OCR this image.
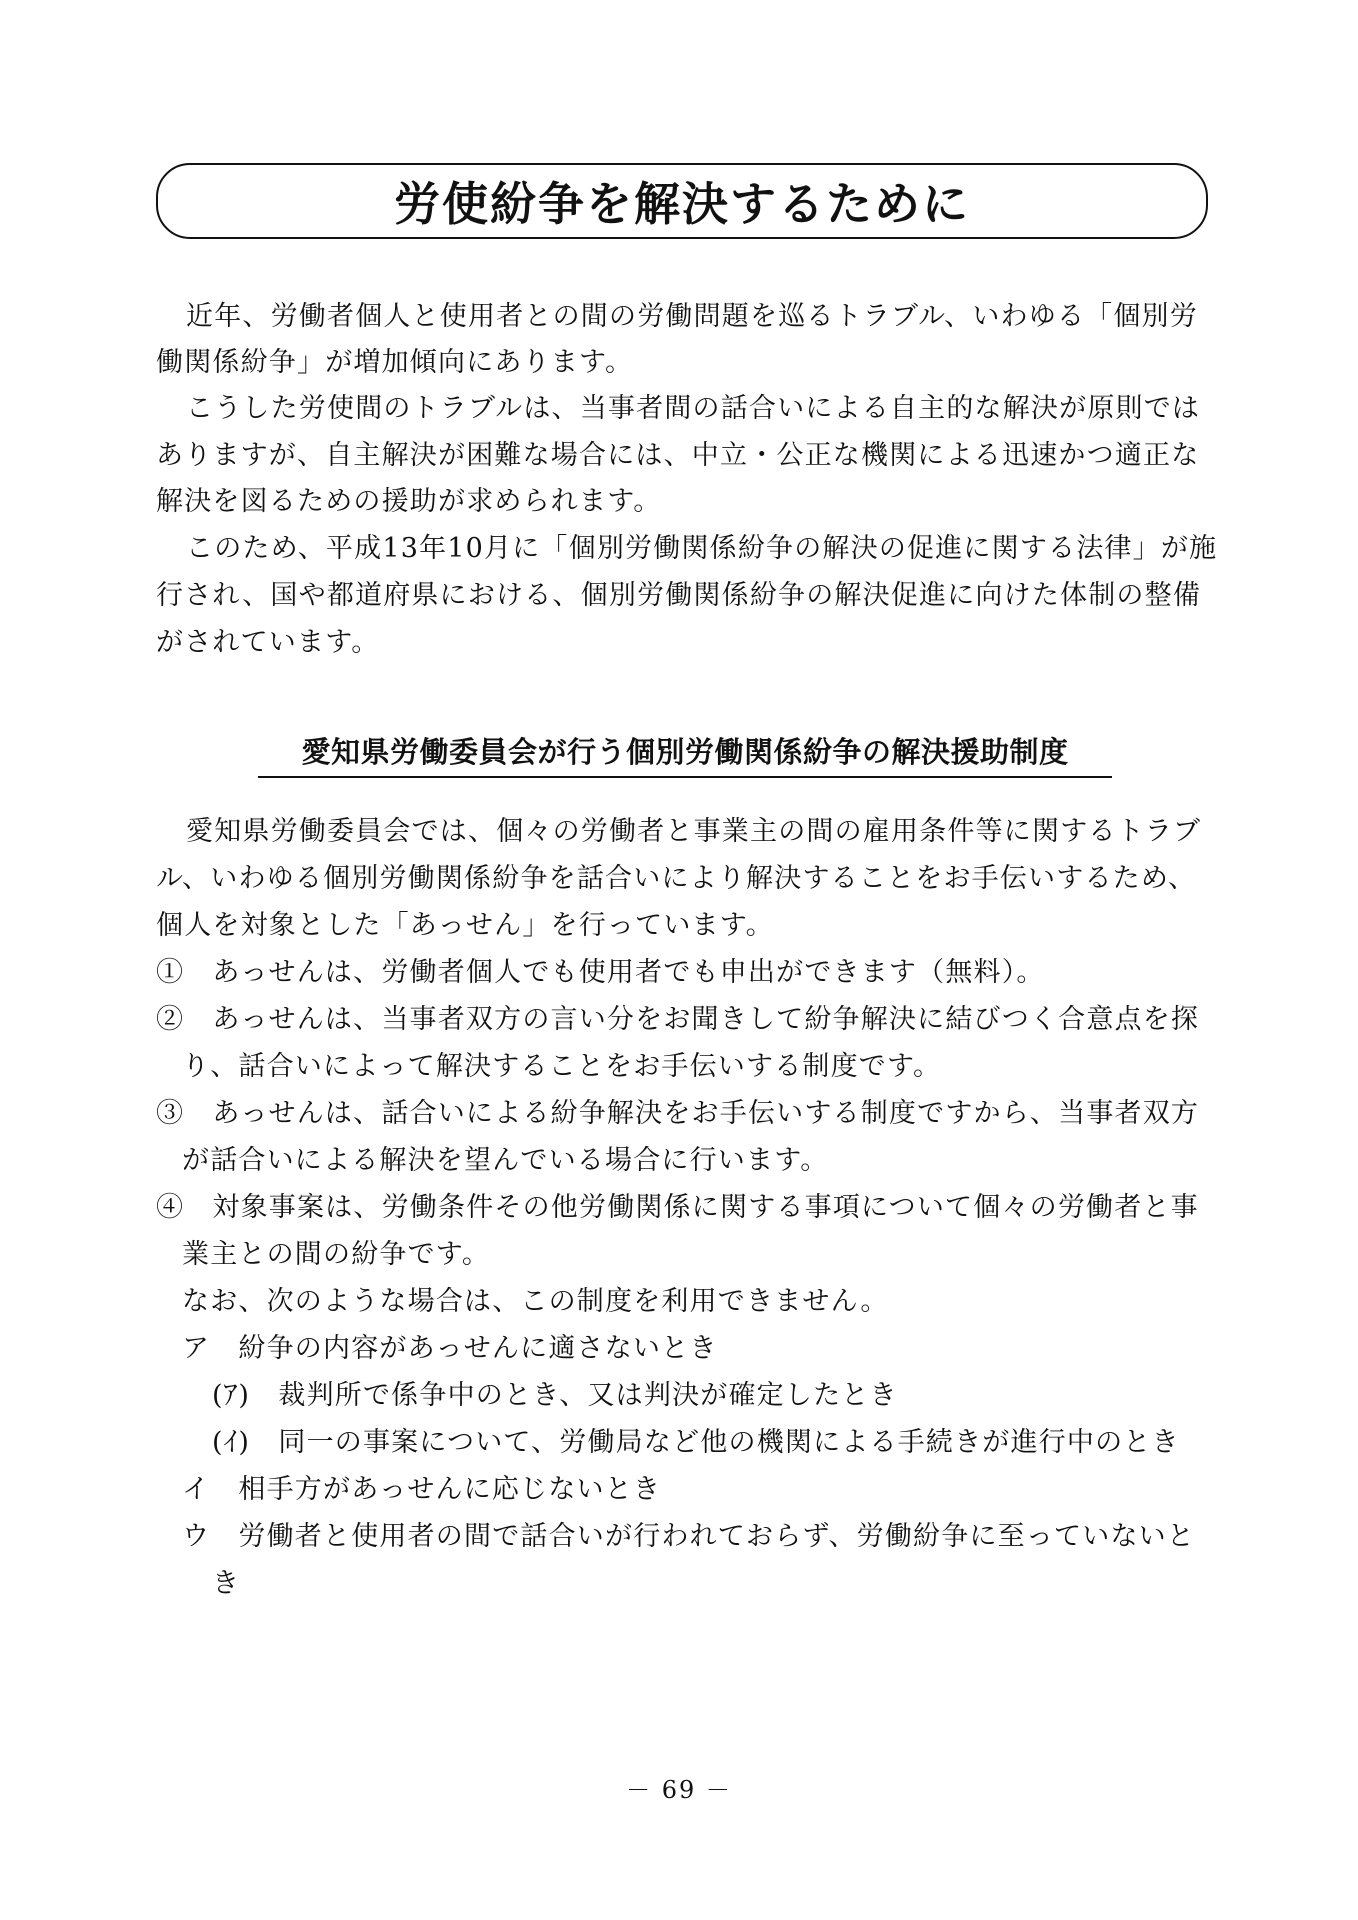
労使紛争を解決するために
近年、労働者個人と使用者との間の労働問題を巡るトラブル、いわゆる「個別労
働関係紛争」が増加傾向にあります。
こうした労使間のトラブルは、当事者間の話合いによる自主的な解決が原則では
ありますが、自主解決が困難な場合には、中立・公正な機関による迅速かつ適正な
解決を図るための援助が求められます。
このため、平成13年10月に「個別労働関係紛争の解決の促進に関する法律」が施
行され、国や都道府県における、個別労働関係紛争の解決促進に向けた体制の整備
がされています。
愛知県労働委員会が行う個別労働関係紛争の解決援助制度
愛知県労働委員会では、個々の労働者と事業主の間の雇用条件等に関するトラブ
ル、いわゆる個別労働関係紛争を話合いにより解決することをお手伝いするため、
個人を対象とした「あっせん」を行っています。
①　あっせんは、労働者個人でも使用者でも申出ができます（無料）。
②　あっせんは、当事者双方の言い分をお聞きして紛争解決に結びつく合意点を探
り、話合いによって解決することをお手伝いする制度です。
③　あっせんは、話合いによる紛争解決をお手伝いする制度ですから、当事者双方
が話合いによる解決を望んでいる場合に行います。
④　対象事案は、労働条件その他労働関係に関する事項について個々の労働者と事
業主との間の紛争です。
なお、次のような場合は、この制度を利用できません。
ア　紛争の内容があっせんに適さないとき
(ｱ)　裁判所で係争中のとき、又は判決が確定したとき
(ｲ)　同一の事案について、労働局など他の機関による手続きが進行中のとき
イ　相手方があっせんに応じないとき
ウ　労働者と使用者の間で話合いが行われておらず、労働紛争に至っていないと
き
－ 69 －
